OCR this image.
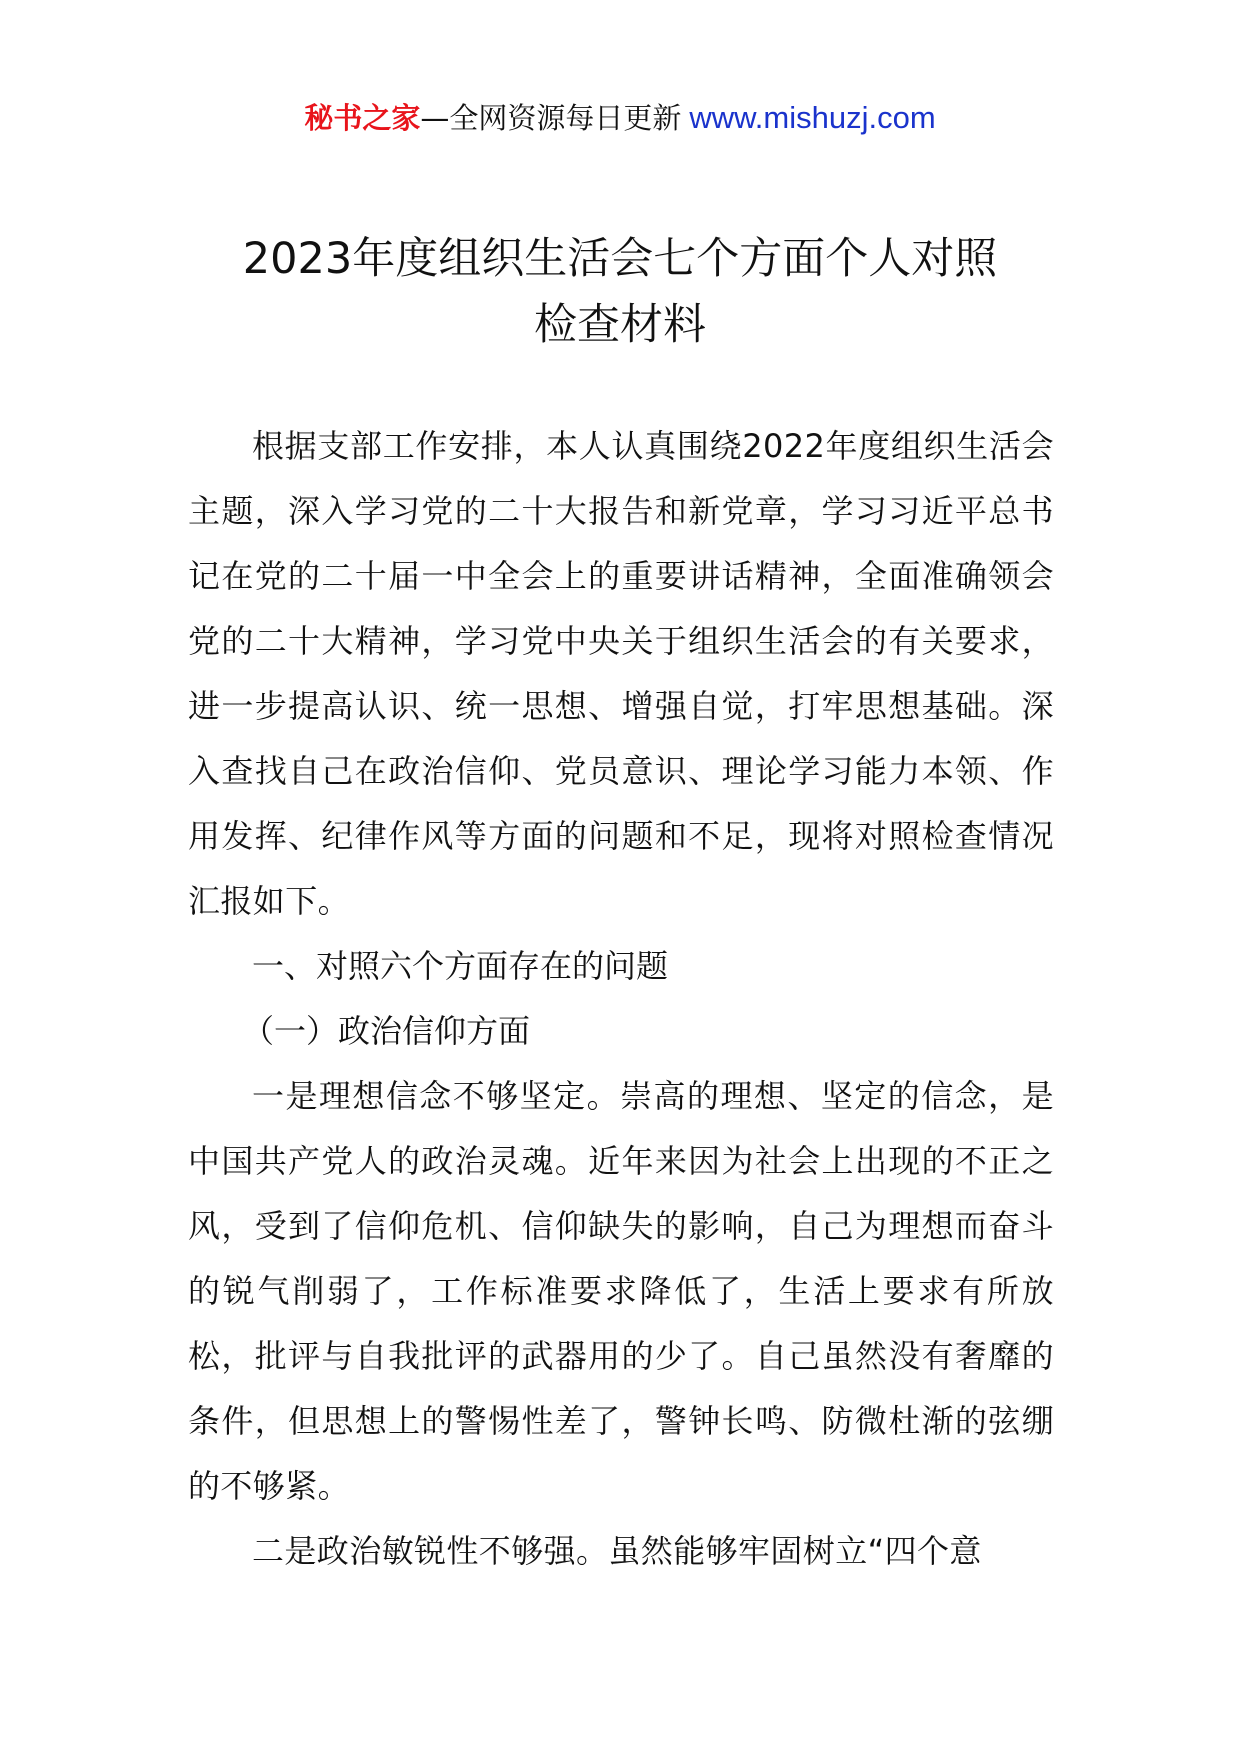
秘书之家—全网资源每日更新 www.mishuzj.com
2023年度组织生活会七个方面个人对照
检查材料

根据支部工作安排，本人认真围绕2022年度组织生活会主题，深入学习党的二十大报告和新党章，学习习近平总书记在党的二十届一中全会上的重要讲话精神，全面准确领会党的二十大精神，学习党中央关于组织生活会的有关要求，进一步提高认识、统一思想、增强自觉，打牢思想基础。深入查找自己在政治信仰、党员意识、理论学习能力本领、作用发挥、纪律作风等方面的问题和不足，现将对照检查情况汇报如下。

一、对照六个方面存在的问题

（一）政治信仰方面

一是理想信念不够坚定。崇高的理想、坚定的信念，是中国共产党人的政治灵魂。近年来因为社会上出现的不正之风，受到了信仰危机、信仰缺失的影响，自己为理想而奋斗的锐气削弱了，工作标准要求降低了，生活上要求有所放松，批评与自我批评的武器用的少了。自己虽然没有奢靡的条件，但思想上的警惕性差了，警钟长鸣、防微杜渐的弦绷的不够紧。

二是政治敏锐性不够强。虽然能够牢固树立“四个意
